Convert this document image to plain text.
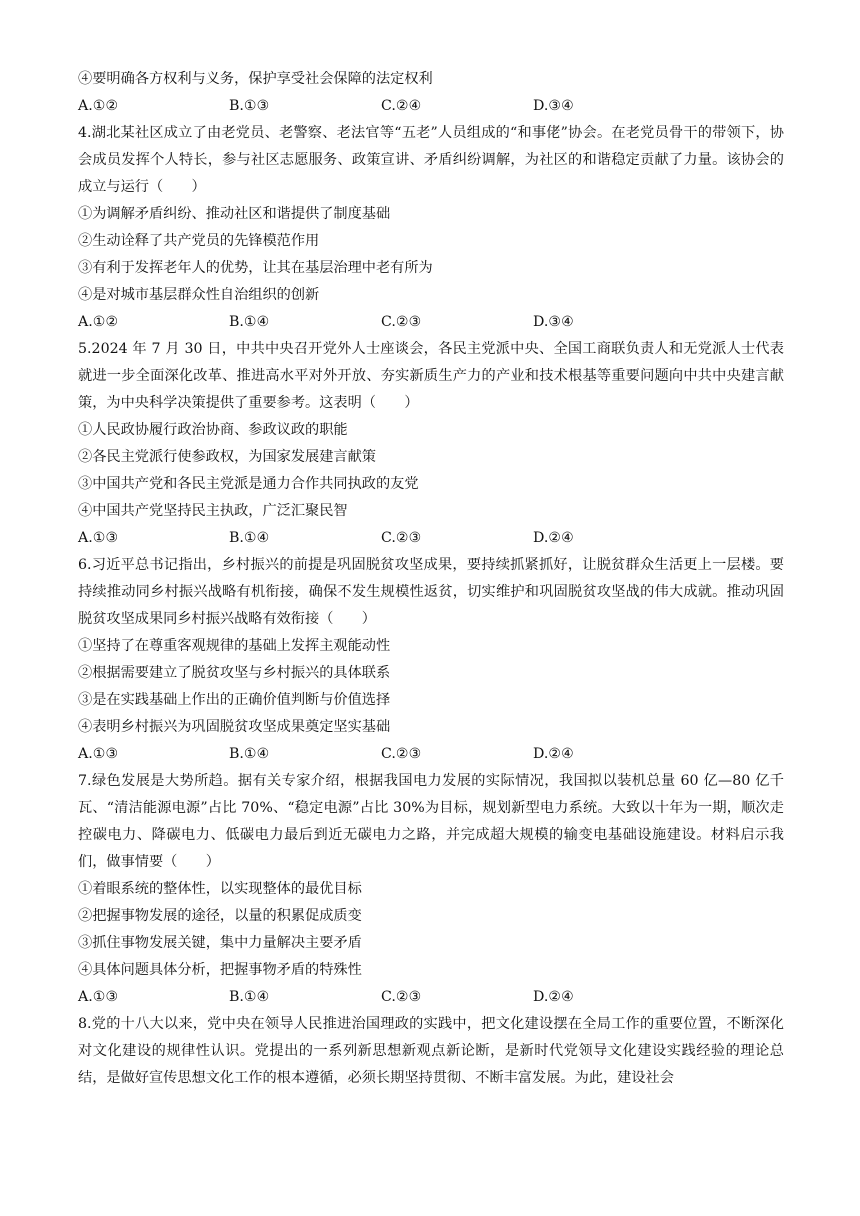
④要明确各方权利与义务，保护享受社会保障的法定权利
A.①②	B.①③	C.②④	D.③④
4.湖北某社区成立了由老党员、老警察、老法官等“五老”人员组成的“和事佬”协会。在老党员骨干的带领下，协会成员发挥个人特长，参与社区志愿服务、政策宣讲、矛盾纠纷调解，为社区的和谐稳定贡献了力量。该协会的成立与运行（　　）
①为调解矛盾纠纷、推动社区和谐提供了制度基础
②生动诠释了共产党员的先锋模范作用
③有利于发挥老年人的优势，让其在基层治理中老有所为
④是对城市基层群众性自治组织的创新
A.①②	B.①④	C.②③	D.③④
5.2024 年 7 月 30 日，中共中央召开党外人士座谈会，各民主党派中央、全国工商联负责人和无党派人士代表就进一步全面深化改革、推进高水平对外开放、夯实新质生产力的产业和技术根基等重要问题向中共中央建言献策，为中央科学决策提供了重要参考。这表明（　　）
①人民政协履行政治协商、参政议政的职能
②各民主党派行使参政权，为国家发展建言献策
③中国共产党和各民主党派是通力合作共同执政的友党
④中国共产党坚持民主执政，广泛汇聚民智
A.①③	B.①④	C.②③	D.②④
6.习近平总书记指出，乡村振兴的前提是巩固脱贫攻坚成果，要持续抓紧抓好，让脱贫群众生活更上一层楼。要持续推动同乡村振兴战略有机衔接，确保不发生规模性返贫，切实维护和巩固脱贫攻坚战的伟大成就。推动巩固脱贫攻坚成果同乡村振兴战略有效衔接（　　）
①坚持了在尊重客观规律的基础上发挥主观能动性
②根据需要建立了脱贫攻坚与乡村振兴的具体联系
③是在实践基础上作出的正确价值判断与价值选择
④表明乡村振兴为巩固脱贫攻坚成果奠定坚实基础
A.①③	B.①④	C.②③	D.②④
7.绿色发展是大势所趋。据有关专家介绍，根据我国电力发展的实际情况，我国拟以装机总量 60 亿—80 亿千瓦、“清洁能源电源”占比 70%、“稳定电源”占比 30%为目标，规划新型电力系统。大致以十年为一期，顺次走控碳电力、降碳电力、低碳电力最后到近无碳电力之路，并完成超大规模的输变电基础设施建设。材料启示我们，做事情要（　　）
①着眼系统的整体性，以实现整体的最优目标
②把握事物发展的途径，以量的积累促成质变
③抓住事物发展关键，集中力量解决主要矛盾
④具体问题具体分析，把握事物矛盾的特殊性
A.①③	B.①④	C.②③	D.②④
8.党的十八大以来，党中央在领导人民推进治国理政的实践中，把文化建设摆在全局工作的重要位置，不断深化对文化建设的规律性认识。党提出的一系列新思想新观点新论断，是新时代党领导文化建设实践经验的理论总结，是做好宣传思想文化工作的根本遵循，必须长期坚持贯彻、不断丰富发展。为此，建设社会
